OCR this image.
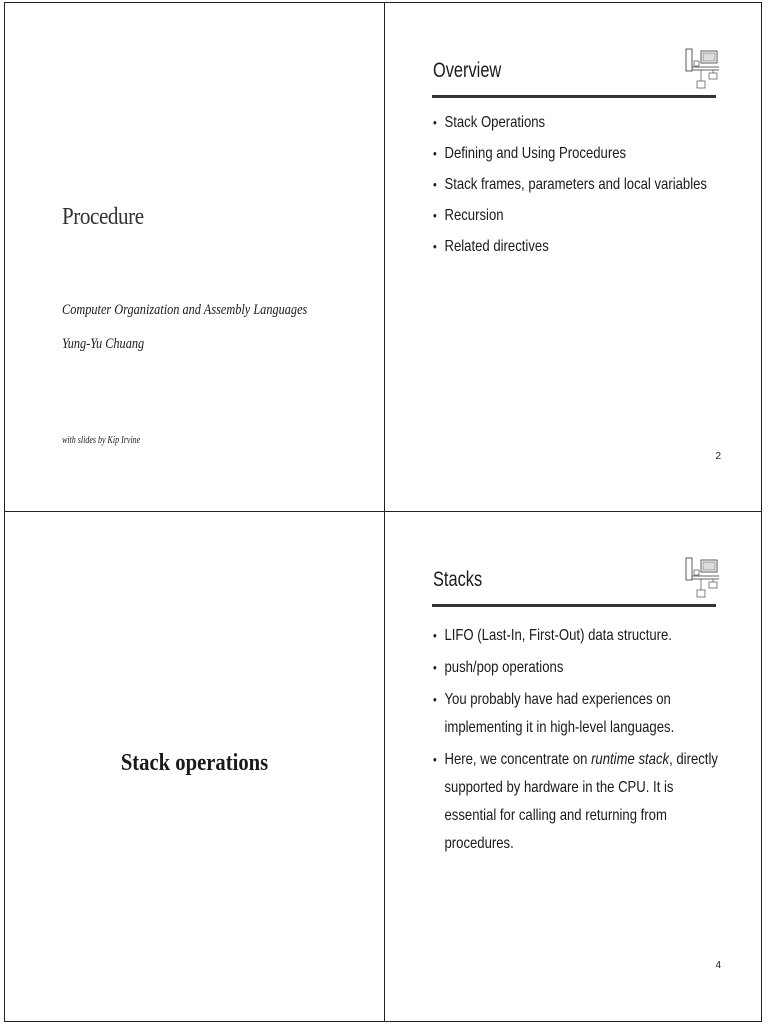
Procedure
Computer Organization and Assembly Languages
Yung-Yu Chuang
with slides by Kip Irvine
Overview
• Stack Operations
• Defining and Using Procedures
• Stack frames, parameters and local variables
• Recursion
• Related directives
2
Stack operations
Stacks
• LIFO (Last-In, First-Out) data structure.
• push/pop operations
• You probably have had experiences on implementing it in high-level languages.
• Here, we concentrate on runtime stack, directly supported by hardware in the CPU. It is essential for calling and returning from procedures.
4
